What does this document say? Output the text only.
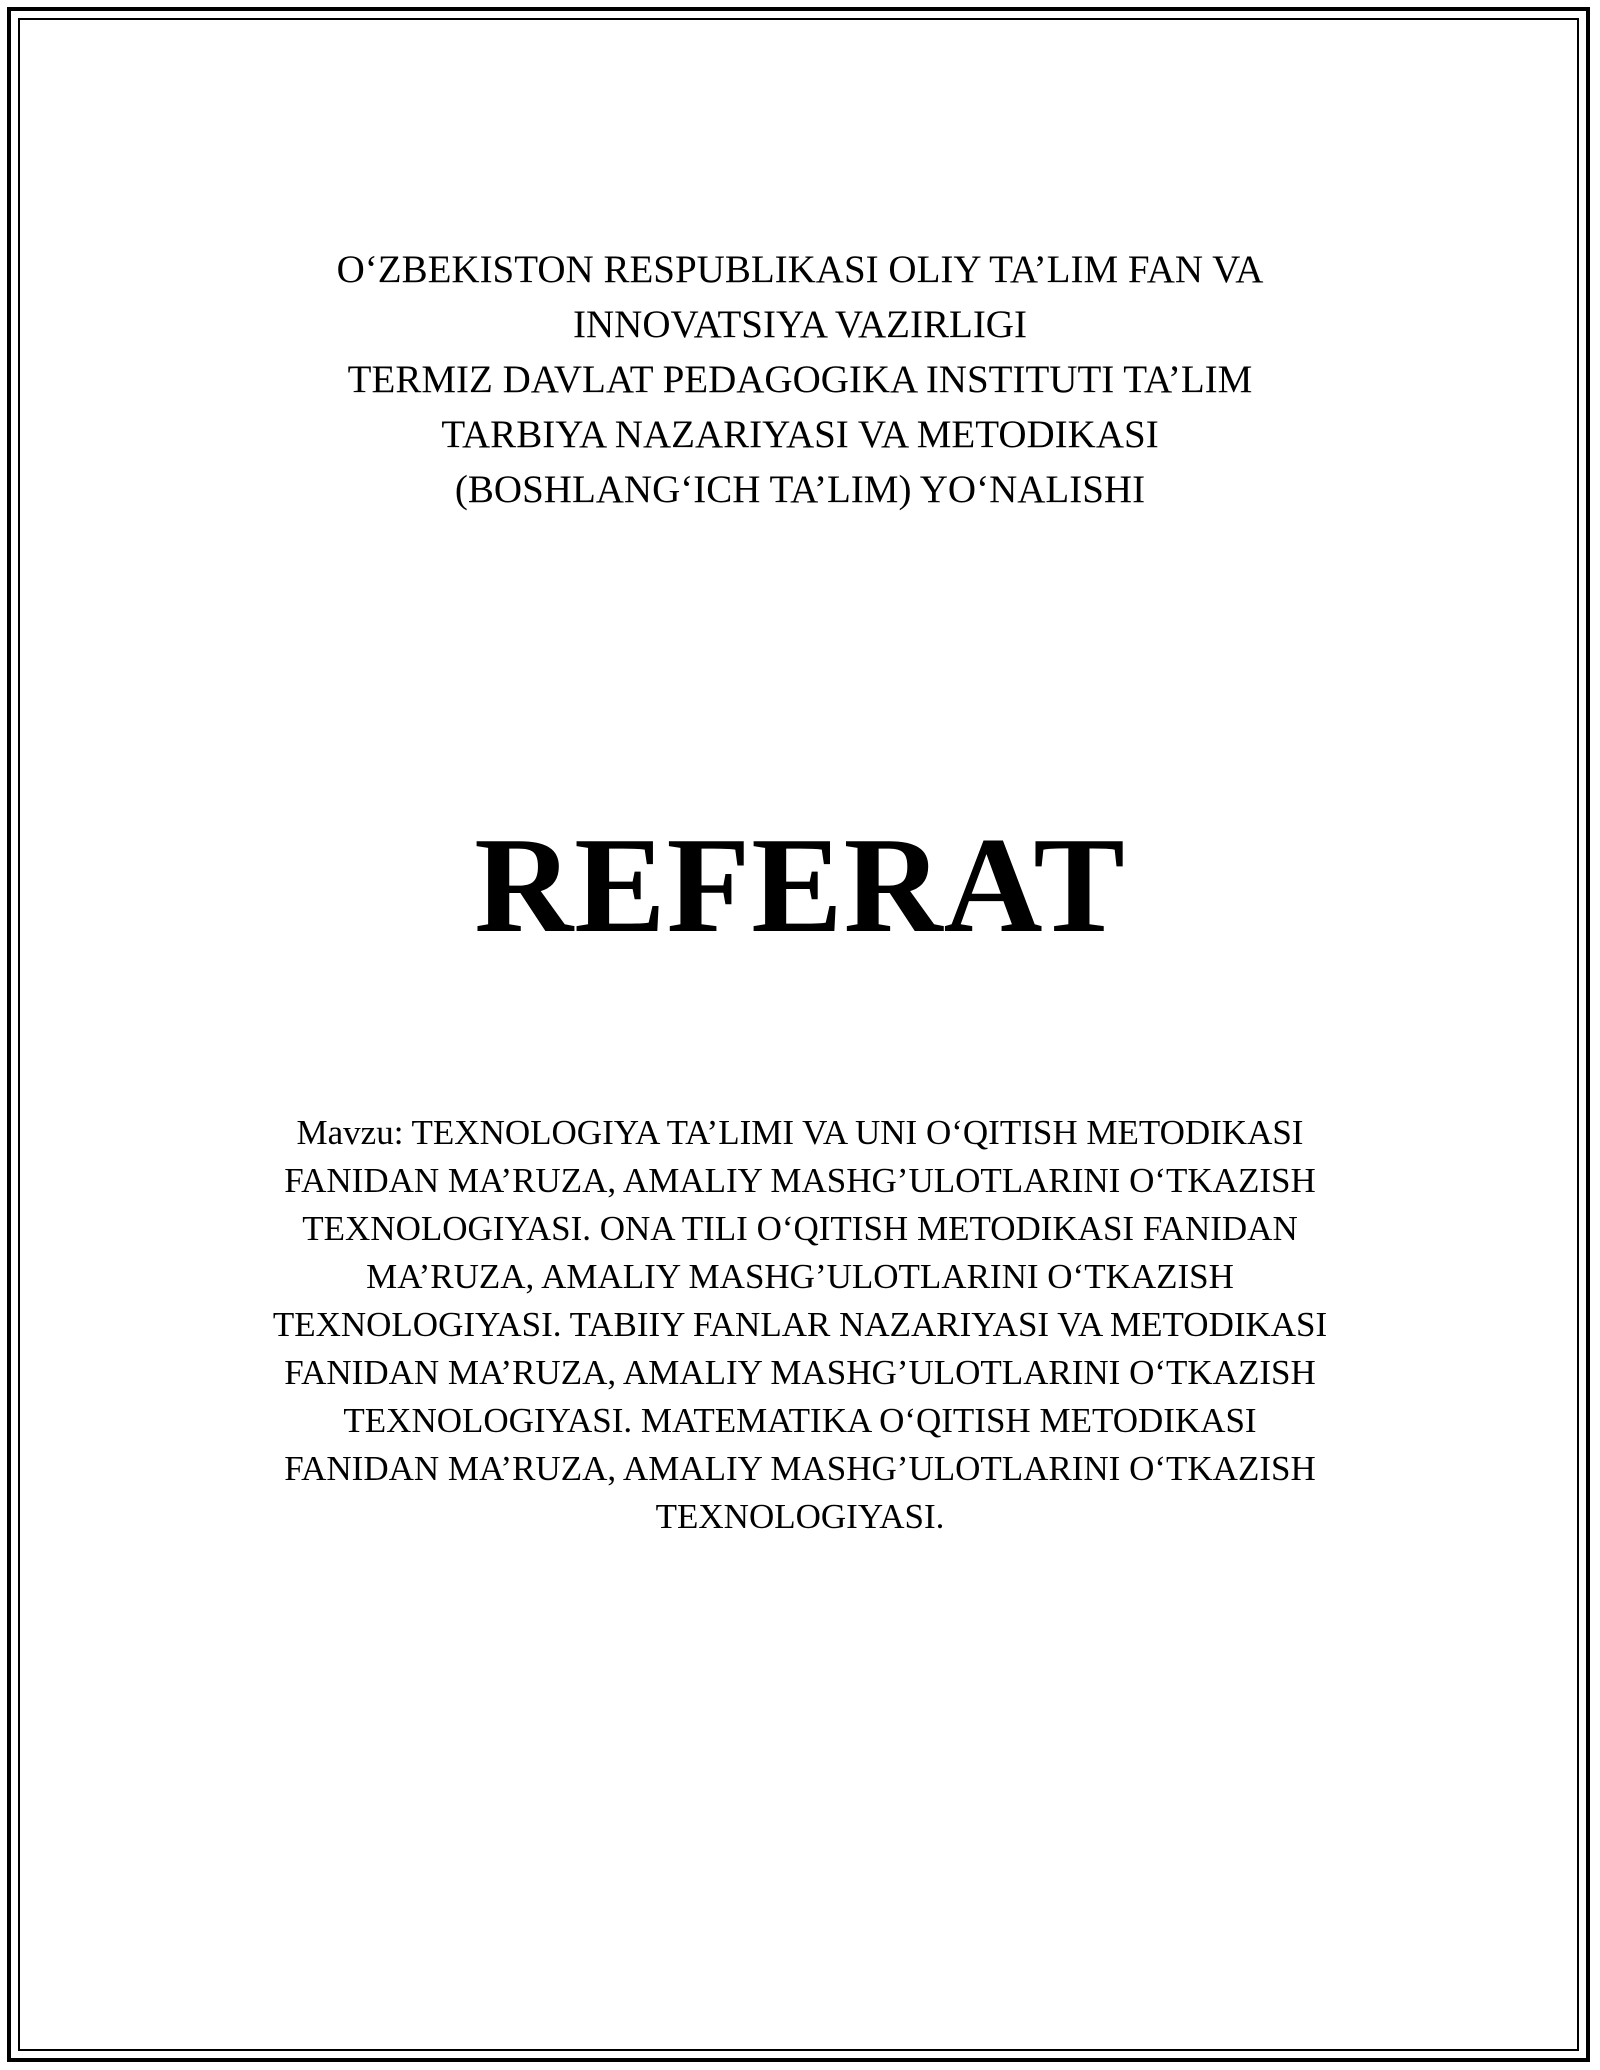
O‘ZBEKISTON RESPUBLIKASI OLIY TA’LIM FAN VA
INNOVATSIYA VAZIRLIGI
TERMIZ DAVLAT PEDAGOGIKA INSTITUTI TA’LIM
TARBIYA NAZARIYASI VA METODIKASI
(BOSHLANG‘ICH TA’LIM) YO‘NALISHI
REFERAT
Mavzu: TEXNOLOGIYA TA’LIMI VA UNI O‘QITISH METODIKASI
FANIDAN MA’RUZA, AMALIY MASHG’ULOTLARINI O‘TKAZISH
TEXNOLOGIYASI. ONA TILI O‘QITISH METODIKASI FANIDAN
MA’RUZA, AMALIY MASHG’ULOTLARINI O‘TKAZISH
TEXNOLOGIYASI. TABIIY FANLAR NAZARIYASI VA METODIKASI
FANIDAN MA’RUZA, AMALIY MASHG’ULOTLARINI O‘TKAZISH
TEXNOLOGIYASI. MATEMATIKA O‘QITISH METODIKASI
FANIDAN MA’RUZA, AMALIY MASHG’ULOTLARINI O‘TKAZISH
TEXNOLOGIYASI.
